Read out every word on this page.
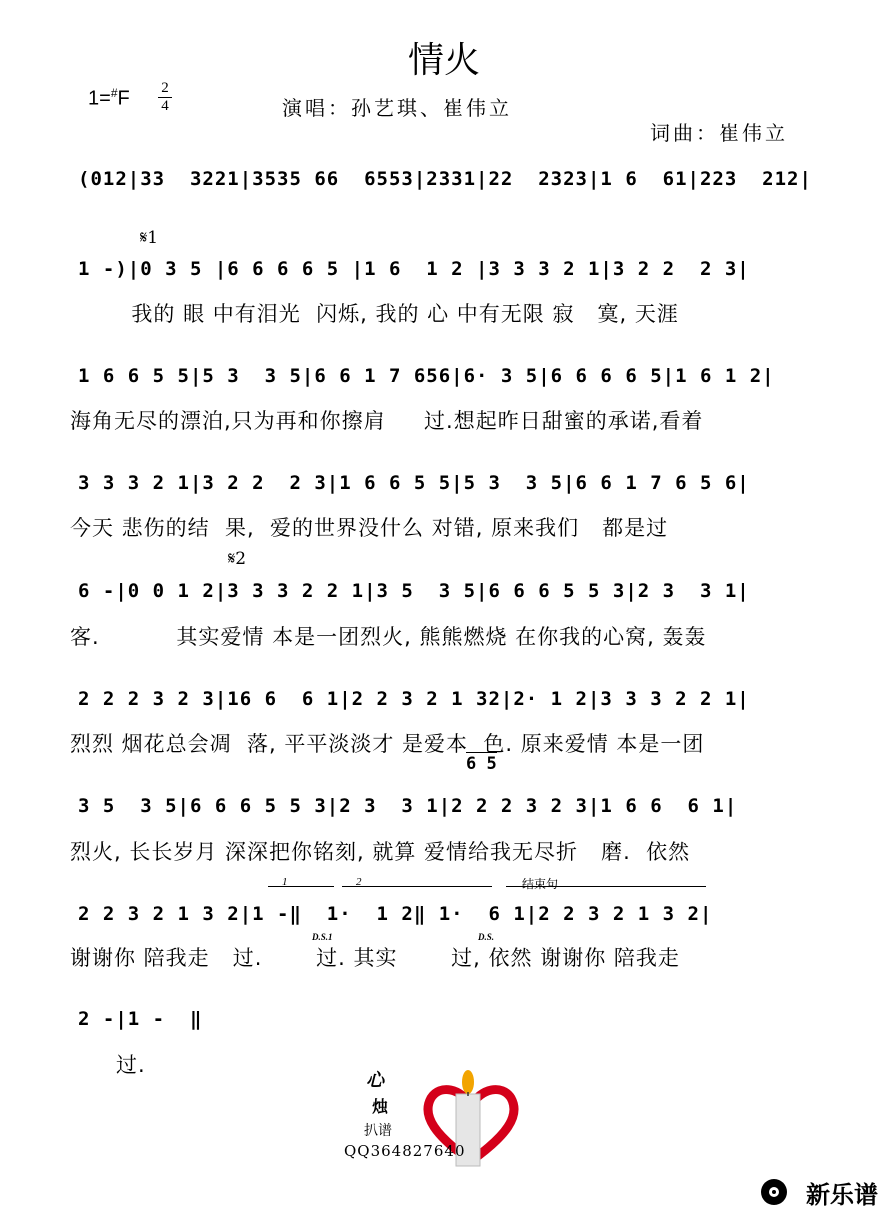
情火
1=#F 2
4	演唱：孙艺琪、崔伟立
词曲：崔伟立
(012|33  3221|3535 66  6553|2331|22  2323|1 6  61|223  212|
𝄋1
1 -)|0 3 5 |6 6 6 6 5 |1 6  1 2 |3 3 3 2 1|3 2 2  2 3|
我的 眼 中有泪光  闪烁, 我的 心 中有无限 寂   寞, 天涯
1 6 6 5 5|5 3  3 5|6 6 1 7 656|6· 3 5|6 6 6 6 5|1 6 1 2|
海角无尽的漂泊,只为再和你擦肩     过.想起昨日甜蜜的承诺,看着
3 3 3 2 1|3 2 2  2 3|1 6 6 5 5|5 3  3 5|6 6 1 7 6 5 6|
今天 悲伤的结  果,  爱的世界没什么 对错, 原来我们   都是过
𝄋2
6 -|0 0 1 2|3 3 3 2 2 1|3 5  3 5|6 6 6 5 5 3|2 3  3 1|
客.          其实爱情 本是一团烈火, 熊熊燃烧 在你我的心窝, 轰轰
2 2 2 3 2 3|16 6  6 1|2 2 3 2 1 32|2· 1 2|3 3 3 2 2 1|
烈烈 烟花总会凋  落, 平平淡淡才 是爱本  色. 原来爱情 本是一团
6 5
3 5  3 5|6 6 6 5 5 3|2 3  3 1|2 2 2 3 2 3|1 6 6  6 1|
烈火, 长长岁月 深深把你铭刻, 就算 爱情给我无尽折   磨.  依然
1	2	结束句
2 2 3 2 1 3 2|1 -‖  1·  1 2‖ 1·  6 1|2 2 3 2 1 3 2|
D.S.1	D.S.
谢谢你 陪我走   过.       过. 其实       过, 依然 谢谢你 陪我走
2 -|1 -  ‖
过.
心
烛
扒谱
QQ364827640
新乐谱
